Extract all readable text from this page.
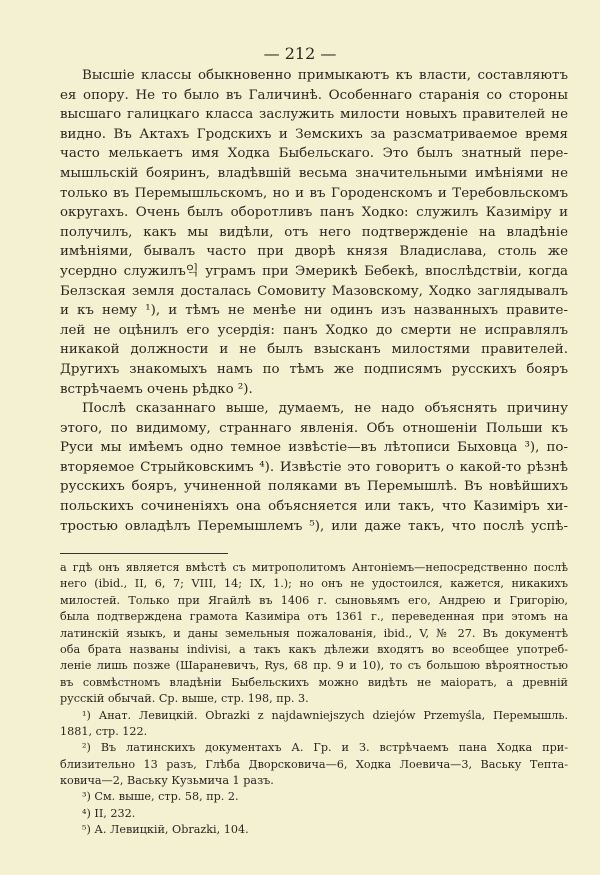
— 212 —
Высшіе классы обыкновенно примыкаютъ къ власти, составляютъ
ея опору. Не то было въ Галичинѣ. Особеннаго старанія со стороны
высшаго галицкаго класса заслужить милости новыхъ правителей не
видно. Въ Актахъ Гродскихъ и Земскихъ за разсматриваемое время
часто мелькаетъ имя Ходка Быбельскаго. Это былъ знатный пере-
мышльскій бояринъ, владѣвшій весьма значительными имѣніями не
только въ Перемышльскомъ, но и въ Городенскомъ и Теребовльскомъ
округахъ. Очень былъ оборотливъ панъ Ходко: служилъ Казиміру и
получилъ, какъ мы видѣли, отъ него подтвержденіе на владѣніе
имѣніями, бывалъ часто при дворѣ князя Владислава, столь же
усердно служилъ익 уграмъ при Эмерикѣ Бебекѣ, впослѣдствіи, когда
Белзская земля досталась Сомовиту Мазовскому, Ходко заглядывалъ
и къ нему ¹), и тѣмъ не менѣе ни одинъ изъ названныхъ правите-
лей не оцѣнилъ его усердія: панъ Ходко до смерти не исправлялъ
никакой должности и не былъ взысканъ милостями правителей.
Другихъ знакомыхъ намъ по тѣмъ же подписямъ русскихъ бояръ
встрѣчаемъ очень рѣдко ²).
Послѣ сказаннаго выше, думаемъ, не надо объяснять причину
этого, по видимому, страннаго явленія. Объ отношеніи Польши къ
Руси мы имѣемъ одно темное извѣстіе—въ лѣтописи Быховца ³), по-
вторяемое Стрыйковскимъ ⁴). Извѣстіе это говоритъ о какой-то рѣзнѣ
русскихъ бояръ, учиненной поляками въ Перемышлѣ. Въ новѣйшихъ
польскихъ сочиненіяхъ она объясняется или такъ, что Казиміръ хи-
тростью овладѣлъ Перемышлемъ ⁵), или даже такъ, что послѣ успѣ-
а гдѣ онъ является вмѣстѣ съ митрополитомъ Антоніемъ—непосредственно послѣ
него (ibid., II, 6, 7; VIII, 14; IX, 1.); но онъ не удостоился, кажется, никакихъ
милостей. Только при Ягайлѣ въ 1406 г. сыновьямъ его, Андрею и Григорію,
была подтверждена грамота Казиміра отъ 1361 г., переведенная при этомъ на
латинскій языкъ, и даны земельныя пожалованія, ibid., V, № 27. Въ документѣ
оба брата названы indivisi, а такъ какъ дѣлежи входятъ во всеобщее употреб-
леніе лишь позже (Шараневичъ, Rys, 68 пр. 9 и 10), то съ большою вѣроятностью
въ совмѣстномъ владѣніи Быбельскихъ можно видѣть не маіоратъ, а древній
русскій обычай. Ср. выше, стр. 198, пр. 3.
¹) Анат. Левицкій. Obrazki z najdawniejszych dziejów Przemyśla, Перемышль.
1881, стр. 122.
²) Въ латинскихъ документахъ А. Гр. и З. встрѣчаемъ пана Ходка при-
близительно 13 разъ, Глѣба Дворсковича—6, Ходка Лоевича—3, Ваську Тепта-
ковича—2, Ваську Кузьмича 1 разъ.
³) См. выше, стр. 58, пр. 2.
⁴) II, 232.
⁵) А. Левицкій, Obrazki, 104.
